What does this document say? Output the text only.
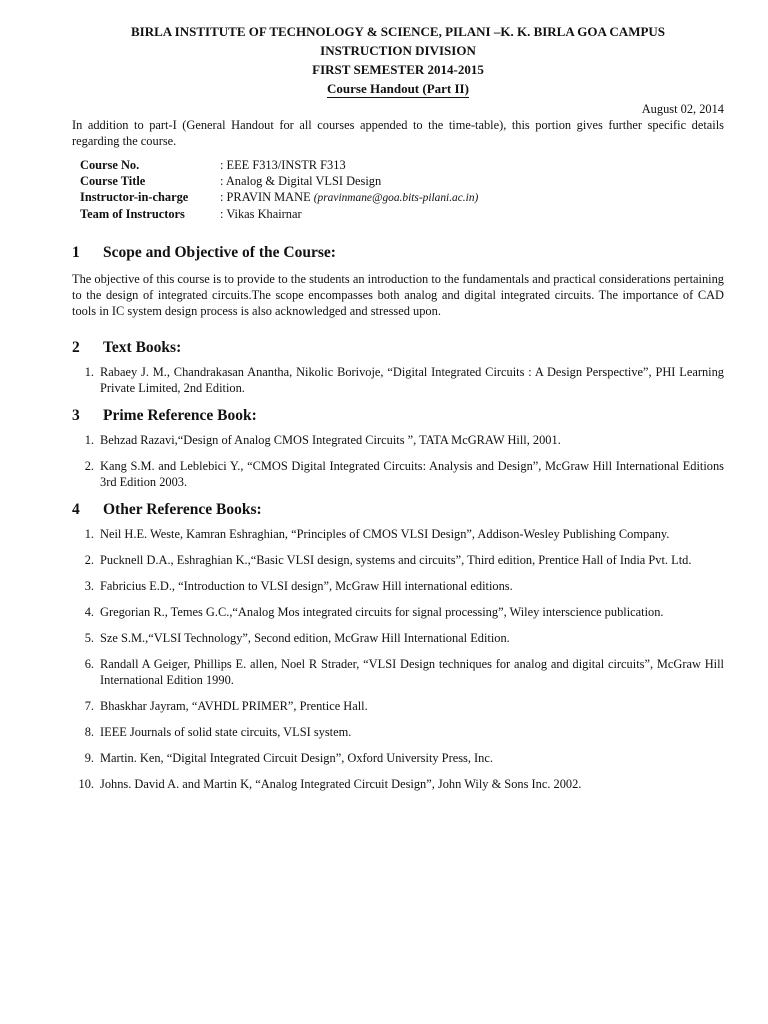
BIRLA INSTITUTE OF TECHNOLOGY & SCIENCE, PILANI –K. K. BIRLA GOA CAMPUS
INSTRUCTION DIVISION
FIRST SEMESTER 2014-2015
Course Handout (Part II)
August 02, 2014
In addition to part-I (General Handout for all courses appended to the time-table), this portion gives further specific details regarding the course.
Course No.	: EEE F313/INSTR F313
Course Title	: Analog & Digital VLSI Design
Instructor-in-charge	: PRAVIN MANE (pravinmane@goa.bits-pilani.ac.in)
Team of Instructors	: Vikas Khairnar
1	Scope and Objective of the Course:
The objective of this course is to provide to the students an introduction to the fundamentals and practical considerations pertaining to the design of integrated circuits.The scope encompasses both analog and digital integrated circuits. The importance of CAD tools in IC system design process is also acknowledged and stressed upon.
2	Text Books:
1. Rabaey J. M., Chandrakasan Anantha, Nikolic Borivoje, “Digital Integrated Circuits : A Design Perspective”, PHI Learning Private Limited, 2nd Edition.
3	Prime Reference Book:
1. Behzad Razavi,“Design of Analog CMOS Integrated Circuits ”, TATA McGRAW Hill, 2001.
2. Kang S.M. and Leblebici Y., “CMOS Digital Integrated Circuits: Analysis and Design”, McGraw Hill International Editions 3rd Edition 2003.
4	Other Reference Books:
1. Neil H.E. Weste, Kamran Eshraghian, “Principles of CMOS VLSI Design”, Addison-Wesley Publishing Company.
2. Pucknell D.A., Eshraghian K.,“Basic VLSI design, systems and circuits”, Third edition, Prentice Hall of India Pvt. Ltd.
3. Fabricius E.D., “Introduction to VLSI design”, McGraw Hill international editions.
4. Gregorian R., Temes G.C.,“Analog Mos integrated circuits for signal processing”, Wiley interscience publication.
5. Sze S.M.,“VLSI Technology”, Second edition, McGraw Hill International Edition.
6. Randall A Geiger, Phillips E. allen, Noel R Strader, “VLSI Design techniques for analog and digital circuits”, McGraw Hill International Edition 1990.
7. Bhaskhar Jayram, “AVHDL PRIMER”, Prentice Hall.
8. IEEE Journals of solid state circuits, VLSI system.
9. Martin. Ken, “Digital Integrated Circuit Design”, Oxford University Press, Inc.
10. Johns. David A. and Martin K, “Analog Integrated Circuit Design”, John Wily & Sons Inc. 2002.
